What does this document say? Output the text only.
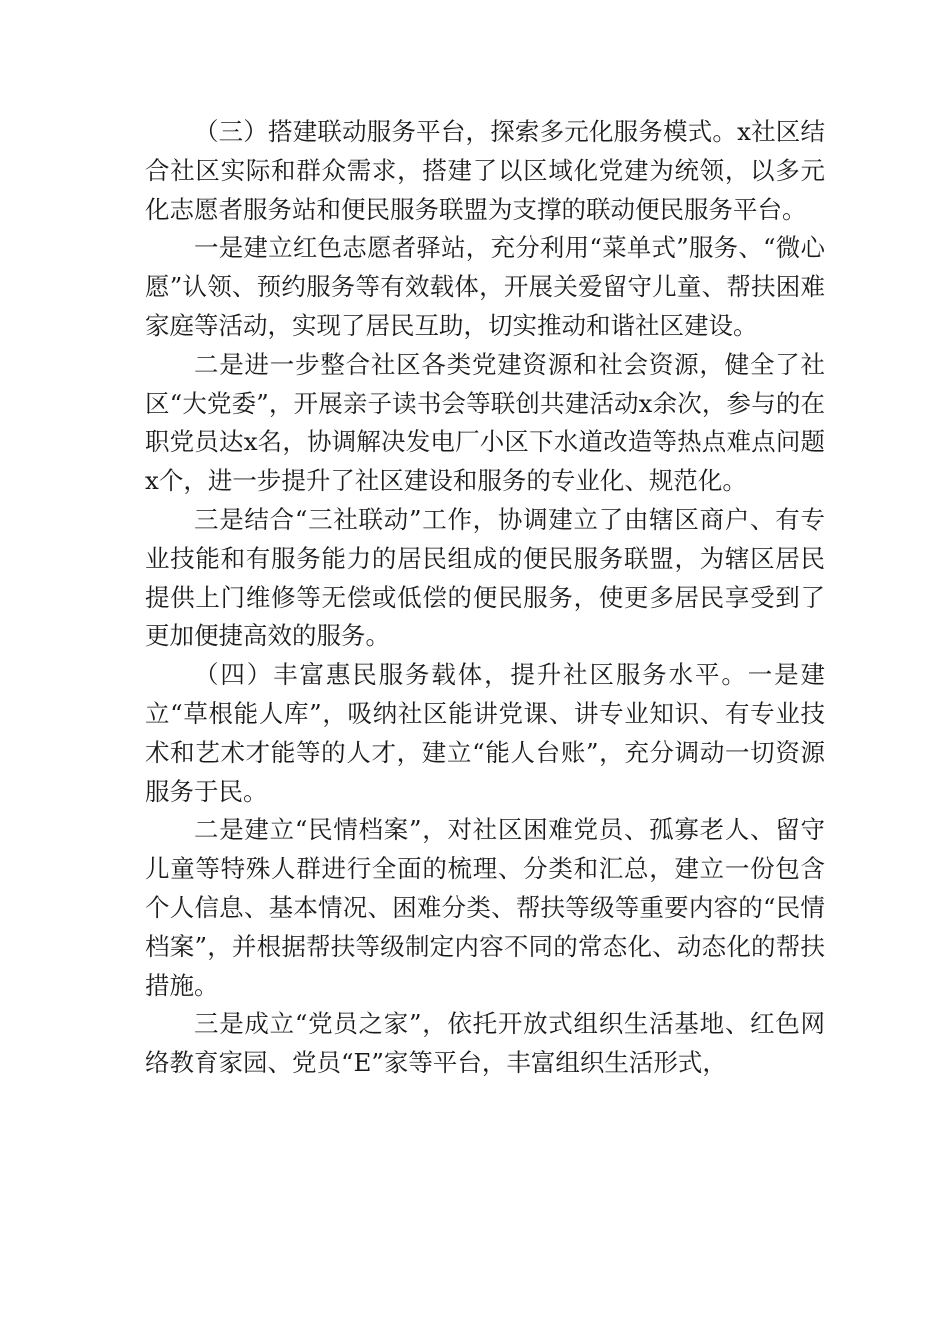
（三）搭建联动服务平台，探索多元化服务模式。x社区结合社区实际和群众需求，搭建了以区域化党建为统领，以多元化志愿者服务站和便民服务联盟为支撑的联动便民服务平台。

一是建立红色志愿者驿站，充分利用“菜单式”服务、“微心愿”认领、预约服务等有效载体，开展关爱留守儿童、帮扶困难家庭等活动，实现了居民互助，切实推动和谐社区建设。

二是进一步整合社区各类党建资源和社会资源，健全了社区“大党委”，开展亲子读书会等联创共建活动x余次，参与的在职党员达x名，协调解决发电厂小区下水道改造等热点难点问题x个，进一步提升了社区建设和服务的专业化、规范化。

三是结合“三社联动”工作，协调建立了由辖区商户、有专业技能和有服务能力的居民组成的便民服务联盟，为辖区居民提供上门维修等无偿或低偿的便民服务，使更多居民享受到了更加便捷高效的服务。

（四）丰富惠民服务载体，提升社区服务水平。一是建立“草根能人库”，吸纳社区能讲党课、讲专业知识、有专业技术和艺术才能等的人才，建立“能人台账”，充分调动一切资源服务于民。

二是建立“民情档案”，对社区困难党员、孤寡老人、留守儿童等特殊人群进行全面的梳理、分类和汇总，建立一份包含个人信息、基本情况、困难分类、帮扶等级等重要内容的“民情档案”，并根据帮扶等级制定内容不同的常态化、动态化的帮扶措施。

三是成立“党员之家”，依托开放式组织生活基地、红色网络教育家园、党员“E”家等平台，丰富组织生活形式，
